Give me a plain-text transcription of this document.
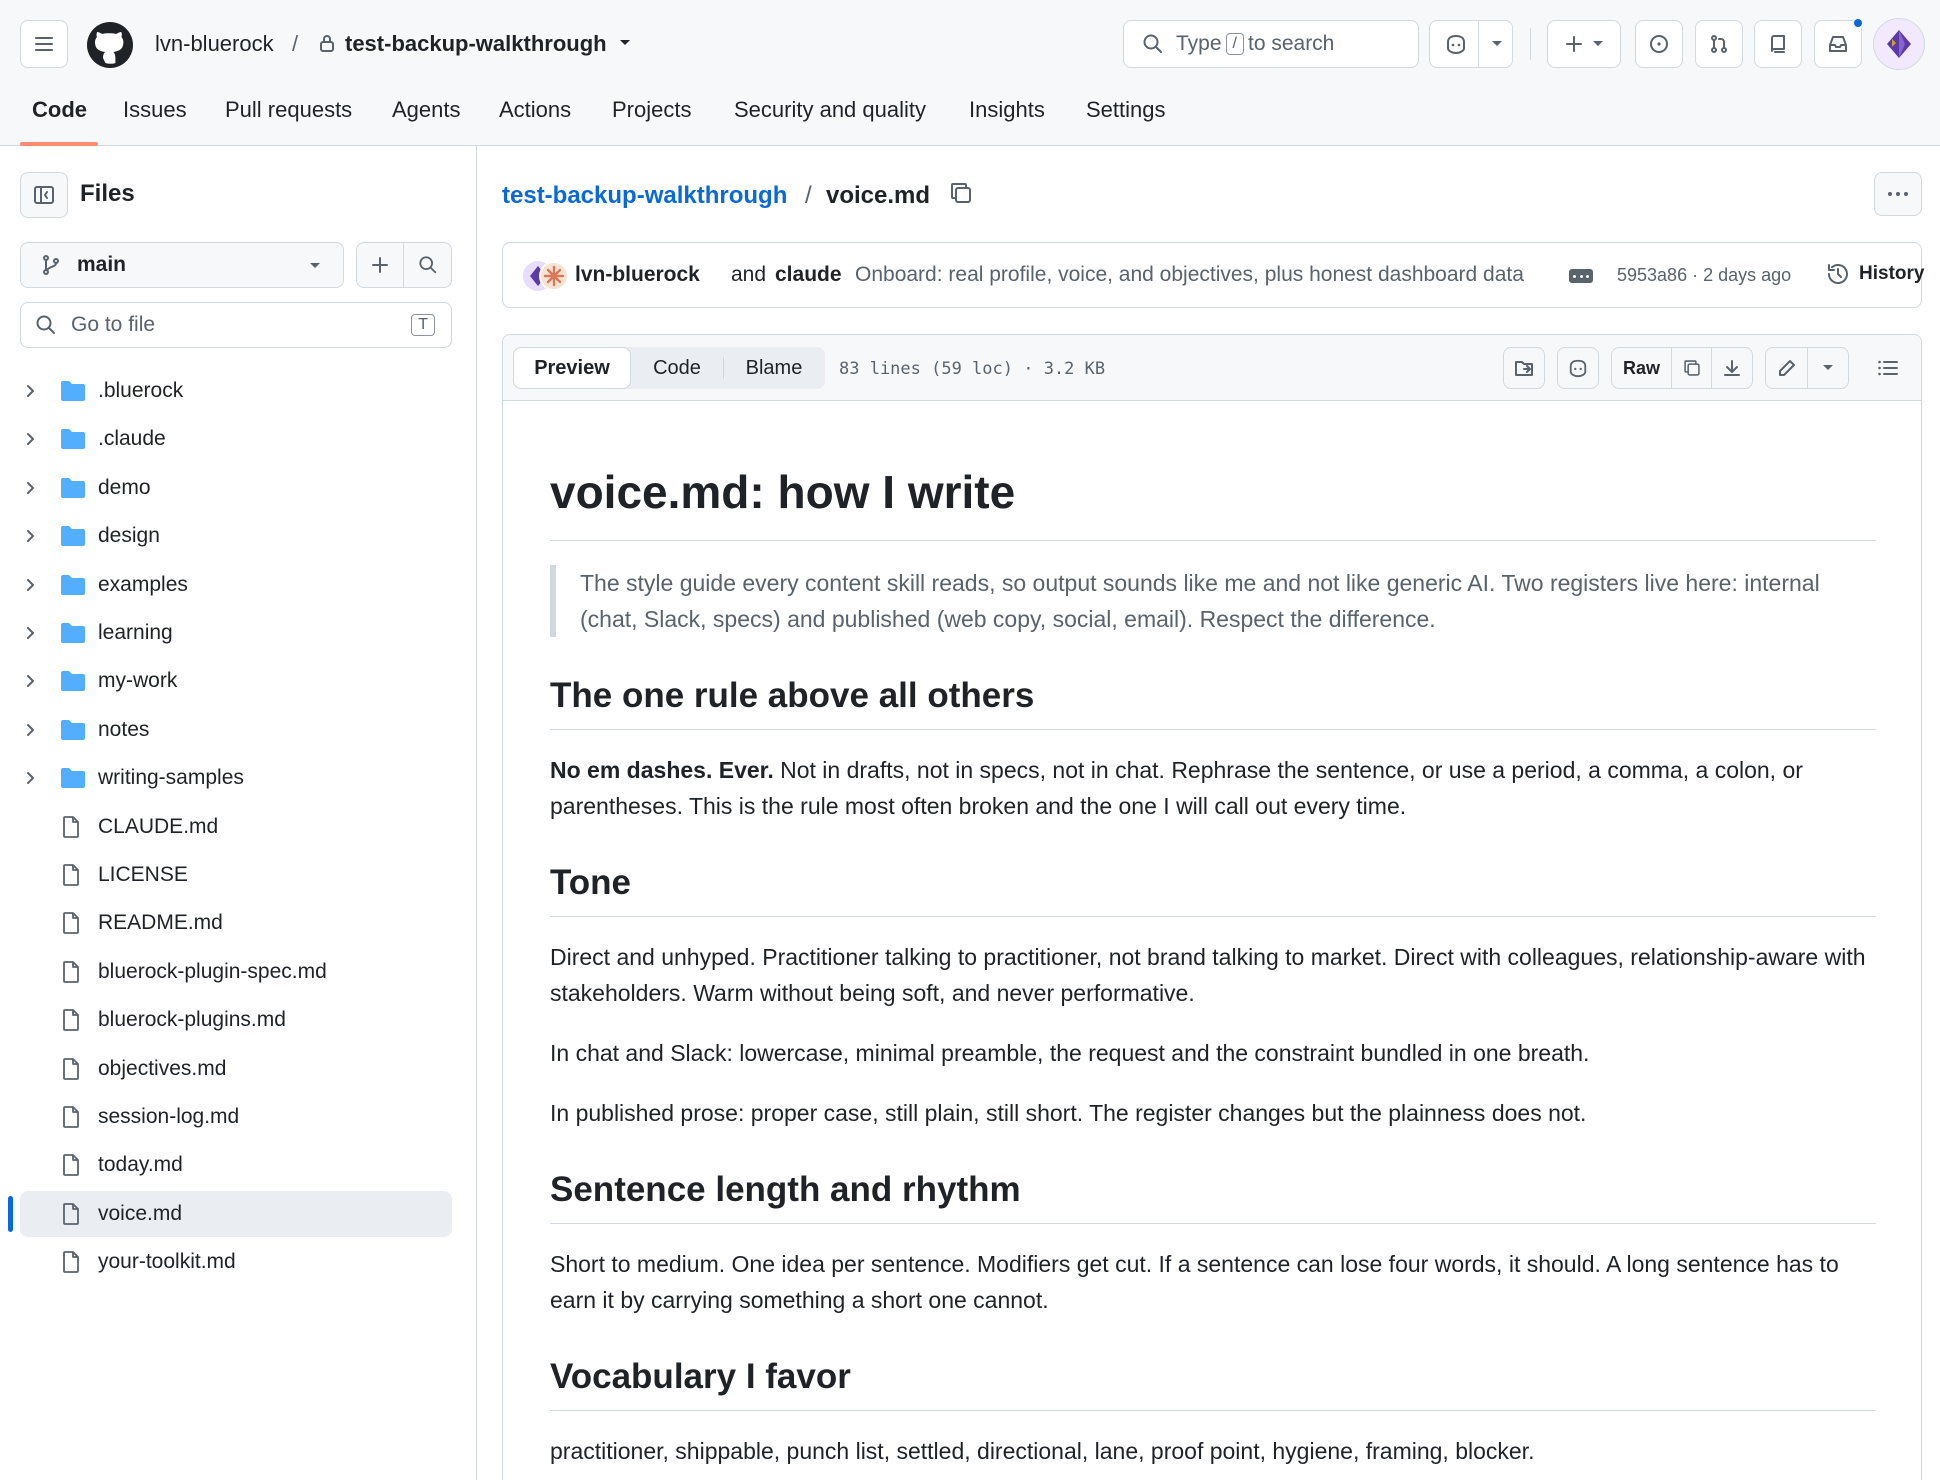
lvn-bluerock / test-backup-walkthrough	Type / to search
Code Issues Pull requests Agents Actions Projects Security and quality Insights Settings
Files
main
Go to file	T
.bluerock
.claude
demo
design
examples
learning
my-work
notes
writing-samples
CLAUDE.md
LICENSE
README.md
bluerock-plugin-spec.md
bluerock-plugins.md
objectives.md
session-log.md
today.md
voice.md
your-toolkit.md
test-backup-walkthrough / voice.md
lvn-bluerock and claude Onboard: real profile, voice, and objectives, plus honest dashboard data	5953a86 · 2 days ago	History
Preview	Code	Blame	83 lines (59 loc) · 3.2 KB	Raw
voice.md: how I write
The style guide every content skill reads, so output sounds like me and not like generic AI. Two registers live here: internal (chat, Slack, specs) and published (web copy, social, email). Respect the difference.
The one rule above all others

No em dashes. Ever. Not in drafts, not in specs, not in chat. Rephrase the sentence, or use a period, a comma, a colon, or parentheses. This is the rule most often broken and the one I will call out every time.

Tone

Direct and unhyped. Practitioner talking to practitioner, not brand talking to market. Direct with colleagues, relationship-aware with stakeholders. Warm without being soft, and never performative.

In chat and Slack: lowercase, minimal preamble, the request and the constraint bundled in one breath.

In published prose: proper case, still plain, still short. The register changes but the plainness does not.

Sentence length and rhythm

Short to medium. One idea per sentence. Modifiers get cut. If a sentence can lose four words, it should. A long sentence has to earn it by carrying something a short one cannot.

Vocabulary I favor

practitioner, shippable, punch list, settled, directional, lane, proof point, hygiene, framing, blocker.
